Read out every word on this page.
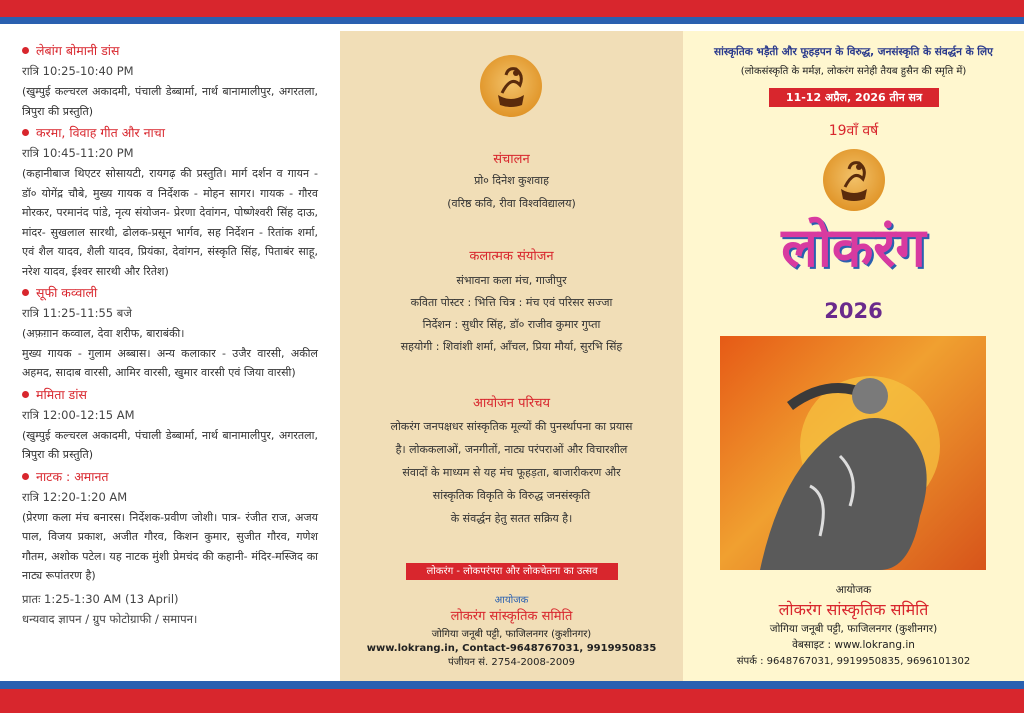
लेबांग बोमानी डांस
रात्रि 10:25-10:40 PM
(खुम्पुई कल्चरल अकादमी, पंचाली डेब्बार्मा, नार्थ बानामालीपुर, अगरतला, त्रिपुरा की प्रस्तुति)
करमा, विवाह गीत और नाचा
रात्रि 10:45-11:20 PM
(कहानीबाज थिएटर सोसायटी, रायगढ़ की प्रस्तुति। मार्ग दर्शन व गायन - डॉ० योगेंद्र चौबे, मुख्य गायक व निर्देशक - मोहन सागर। गायक - गौरव मोरकर, परमानंद पांडे, नृत्य संयोजन- प्रेरणा देवांगन, पोष्णेश्वरी सिंह दाऊ, मांदर- सुखलाल सारथी, ढोलक-प्रसून भार्गव, सह निर्देशन - रितांक शर्मा, एवं शैल यादव, शैली यादव, प्रियंका, देवांगन, संस्कृति सिंह, पिताबंर साहू, नरेश यादव, ईश्वर सारथी और रितेश)
सूफी कव्वाली
रात्रि 11:25-11:55 बजे
(अफ़ग़ान कव्वाल, देवा शरीफ, बाराबंकी।
मुख्य गायक - गुलाम अब्बास। अन्य कलाकार - उजैर वारसी, अकील अहमद, सादाब वारसी, आमिर वारसी, खुमार वारसी एवं जिया वारसी)
ममिता डांस
रात्रि 12:00-12:15 AM
(खुम्पुई कल्चरल अकादमी, पंचाली डेब्बार्मा, नार्थ बानामालीपुर, अगरतला, त्रिपुरा की प्रस्तुति)
नाटक : अमानत
रात्रि 12:20-1:20 AM
(प्रेरणा कला मंच बनारस। निर्देशक-प्रवीण जोशी। पात्र- रंजीत राज, अजय पाल, विजय प्रकाश, अजीत गौरव, किशन कुमार, सुजीत गौरव, गणेश गौतम, अशोक पटेल। यह नाटक मुंशी प्रेमचंद की कहानी- मंदिर-मस्जिद का नाट्य रूपांतरण है)
प्रातः 1:25-1:30 AM (13 April)
धन्यवाद ज्ञापन / ग्रुप फोटोग्राफी / समापन।
संचालन
प्रो० दिनेश कुशवाह
(वरिष्ठ कवि, रीवा विश्वविद्यालय)
कलात्मक संयोजन
संभावना कला मंच, गाजीपुर
कविता पोस्टर : भित्ति चित्र : मंच एवं परिसर सज्जा
निर्देशन : सुधीर सिंह, डॉ० राजीव कुमार गुप्ता
सहयोगी : शिवांशी शर्मा, आँचल, प्रिया मौर्या, सुरभि सिंह
आयोजन परिचय
लोकरंग जनपक्षधर सांस्कृतिक मूल्यों की पुनर्स्थापना का प्रयास
है। लोककलाओं, जनगीतों, नाट्य परंपराओं और विचारशील
संवादों के माध्यम से यह मंच फूहड़ता, बाजारीकरण और
सांस्कृतिक विकृति के विरुद्ध जनसंस्कृति
के संवर्द्धन हेतु सतत सक्रिय है।
लोकरंग - लोकपरंपरा और लोकचेतना का उत्सव
आयोजक
लोकरंग सांस्कृतिक समिति
जोगिया जनूबी पट्टी, फाजिलनगर (कुशीनगर)
www.lokrang.in, Contact-9648767031, 9919950835
पंजीयन सं. 2754-2008-2009
सांस्कृतिक भड़ैती और फूहड़पन के विरुद्ध, जनसंस्कृति के संवर्द्धन के लिए
(लोकसंस्कृति के मर्मज्ञ, लोकरंग सनेही तैयब हुसैन की स्मृति में)
11-12 अप्रैल, 2026 तीन सत्र
19वाँ वर्ष
लोकरंग
2026
आयोजक
लोकरंग सांस्कृतिक समिति
जोगिया जनूबी पट्टी, फाजिलनगर (कुशीनगर)
वेबसाइट : www.lokrang.in
संपर्क : 9648767031, 9919950835, 9696101302
